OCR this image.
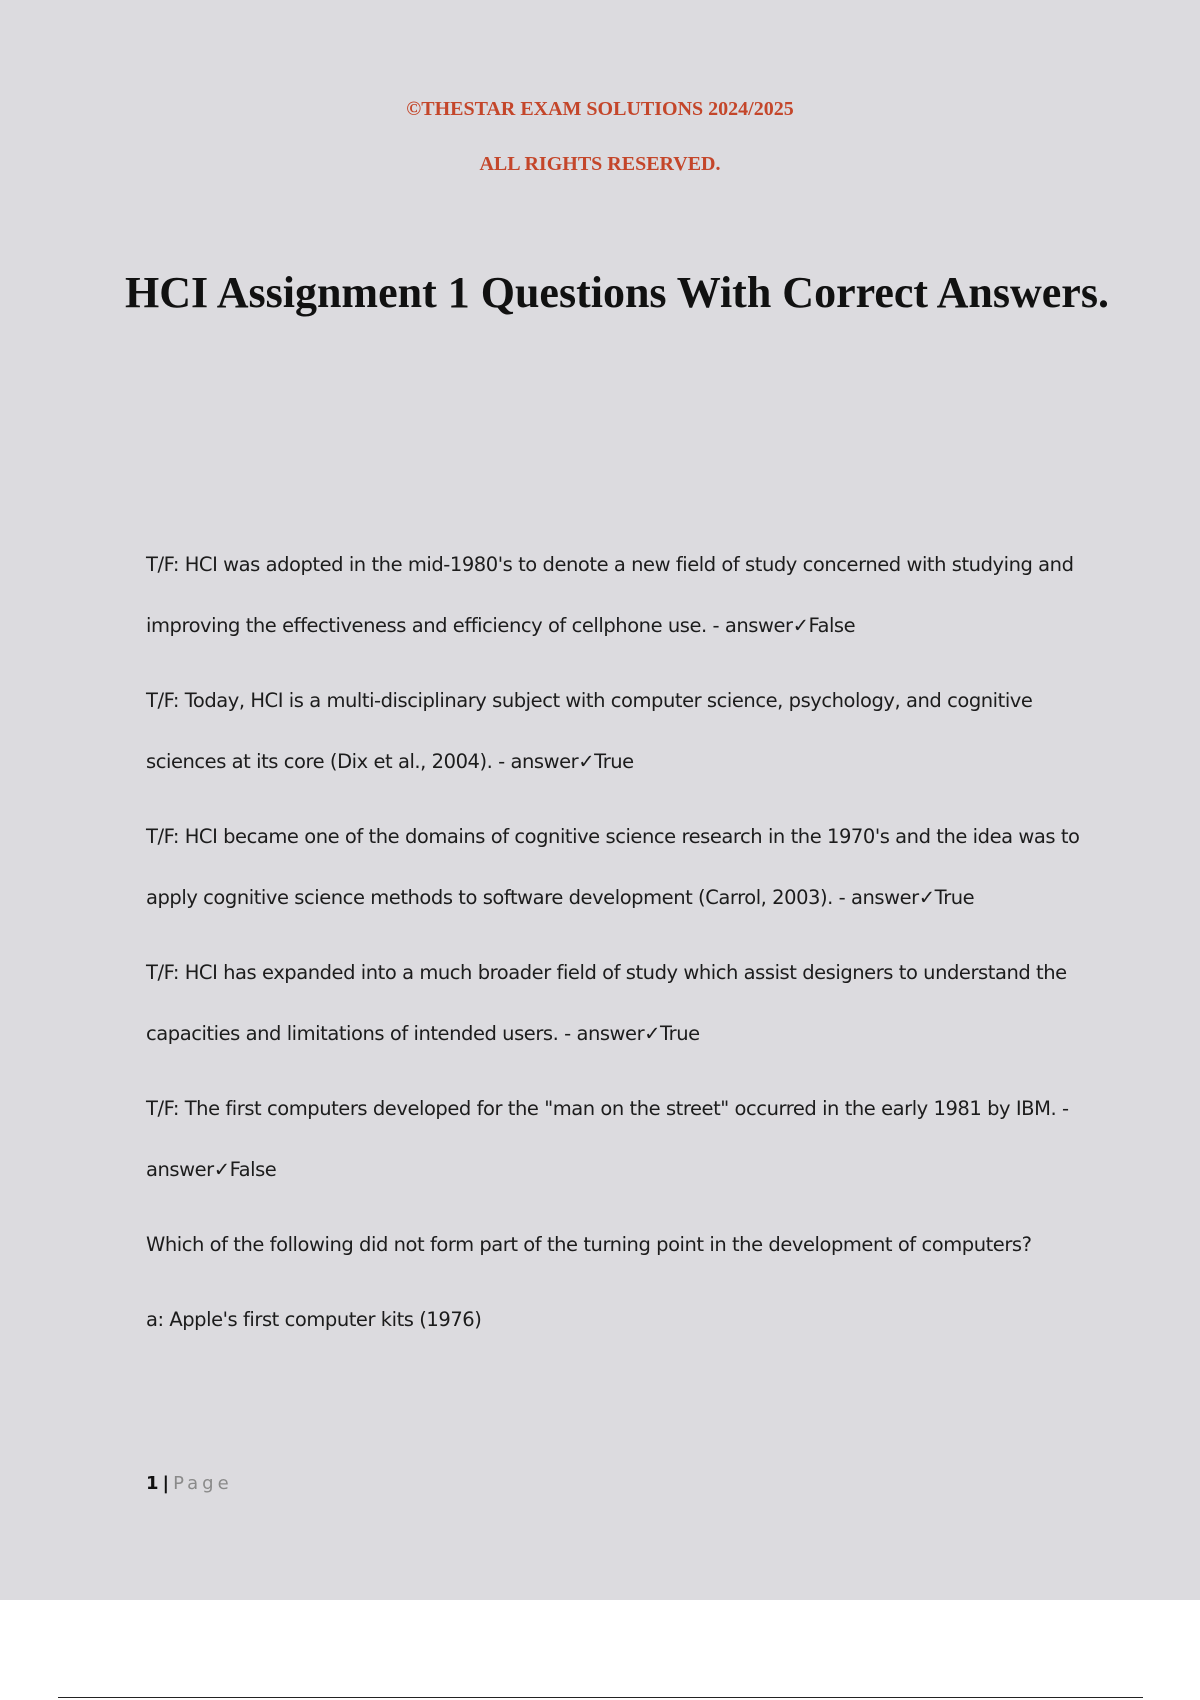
©THESTAR EXAM SOLUTIONS 2024/2025

ALL RIGHTS RESERVED.

HCI Assignment 1 Questions With Correct Answers.

T/F: HCI was adopted in the mid-1980's to denote a new field of study concerned with studying and improving the effectiveness and efficiency of cellphone use. - answer✓False

T/F: Today, HCI is a multi-disciplinary subject with computer science, psychology, and cognitive sciences at its core (Dix et al., 2004). - answer✓True

T/F: HCI became one of the domains of cognitive science research in the 1970's and the idea was to apply cognitive science methods to software development (Carrol, 2003). - answer✓True

T/F: HCI has expanded into a much broader field of study which assist designers to understand the capacities and limitations of intended users. - answer✓True

T/F: The first computers developed for the "man on the street" occurred in the early 1981 by IBM. - answer✓False

Which of the following did not form part of the turning point in the development of computers?

a: Apple's first computer kits (1976)

1 | Page
